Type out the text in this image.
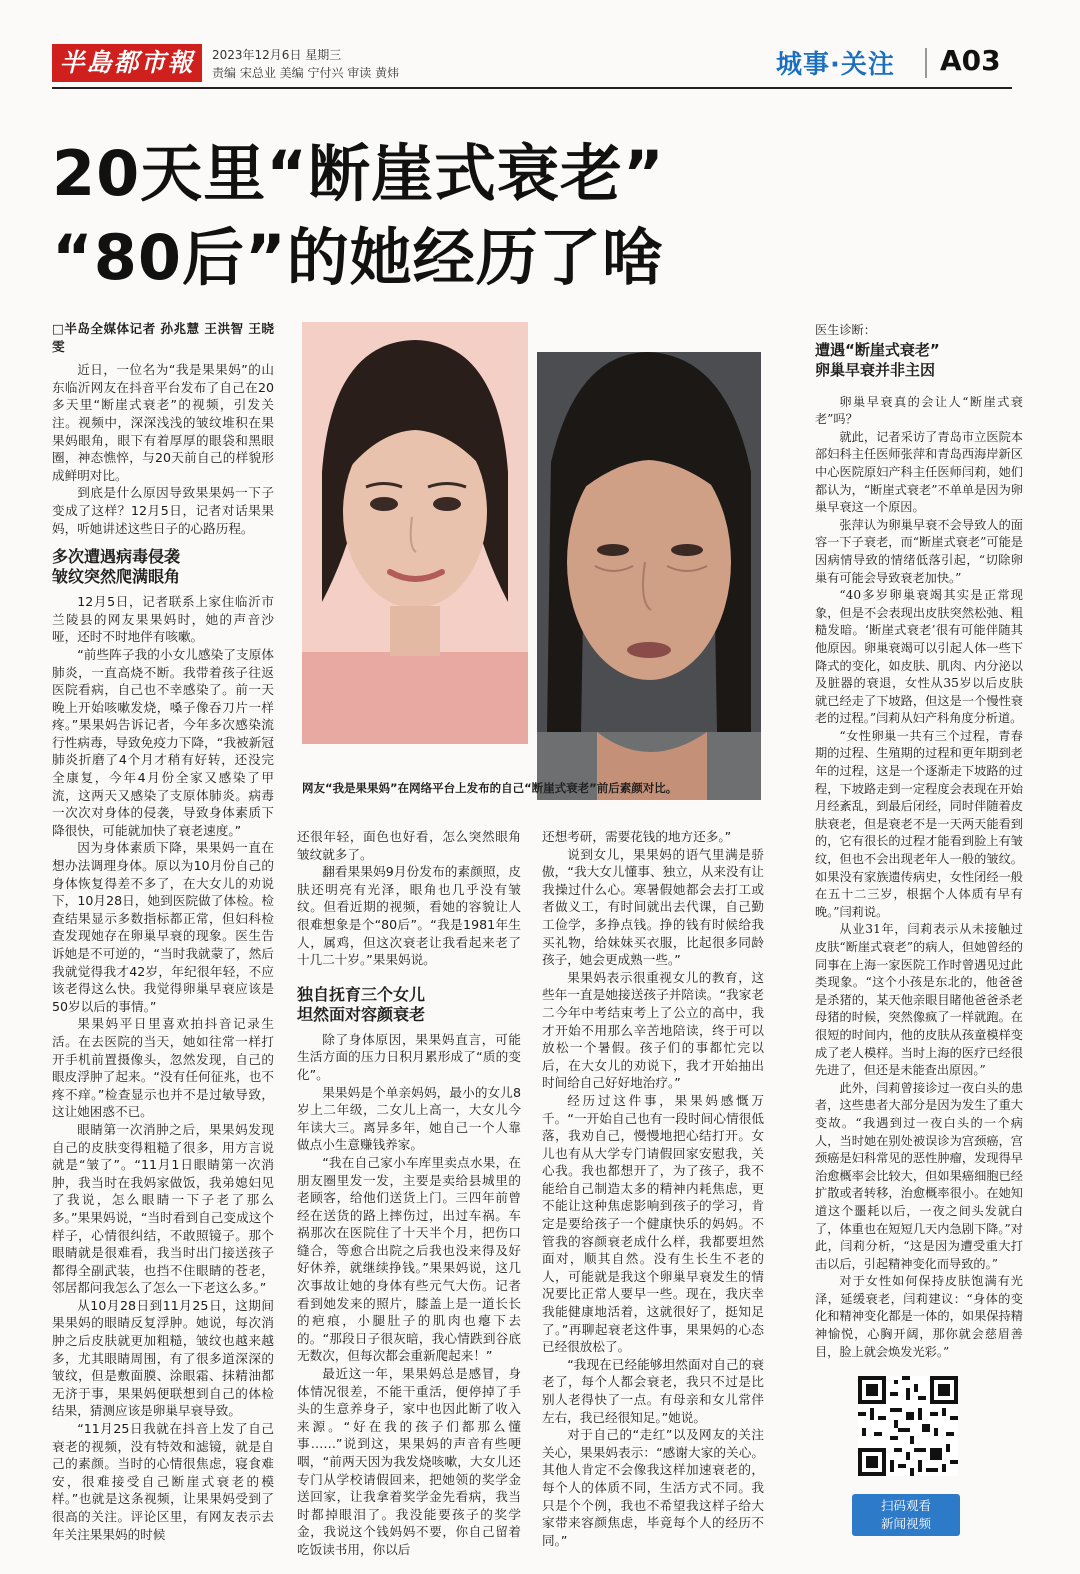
半島都市報	2023年12月6日 星期三
责编 宋总业 美编 宁付兴 审读 黄炜	城事·关注 A03
20天里“断崖式衰老”
“80后”的她经历了啥

□半岛全媒体记者 孙兆慧 王洪智 王晓雯

近日，一位名为“我是果果妈”的山东临沂网友在抖音平台发布了自己在20多天里“断崖式衰老”的视频，引发关注。视频中，深深浅浅的皱纹堆积在果果妈眼角，眼下有着厚厚的眼袋和黑眼圈，神态憔悴，与20天前自己的样貌形成鲜明对比。

到底是什么原因导致果果妈一下子变成了这样？12月5日，记者对话果果妈，听她讲述这些日子的心路历程。

多次遭遇病毒侵袭
皱纹突然爬满眼角

12月5日，记者联系上家住临沂市兰陵县的网友果果妈时，她的声音沙哑，还时不时地伴有咳嗽。

“前些阵子我的小女儿感染了支原体肺炎，一直高烧不断。我带着孩子往返医院看病，自己也不幸感染了。前一天晚上开始咳嗽发烧，嗓子像吞刀片一样疼。”果果妈告诉记者，今年多次感染流行性病毒，导致免疫力下降，“我被新冠肺炎折磨了4个月才稍有好转，还没完全康复，今年4月份全家又感染了甲流，这两天又感染了支原体肺炎。病毒一次次对身体的侵袭，导致身体素质下降很快，可能就加快了衰老速度。”

因为身体素质下降，果果妈一直在想办法调理身体。原以为10月份自己的身体恢复得差不多了，在大女儿的劝说下，10月28日，她到医院做了体检。检查结果显示多数指标都正常，但妇科检查发现她存在卵巢早衰的现象。医生告诉她是不可逆的，“当时我就蒙了，然后我就觉得我才42岁，年纪很年轻，不应该老得这么快。我觉得卵巢早衰应该是50岁以后的事情。”

果果妈平日里喜欢拍抖音记录生活。在去医院的当天，她如往常一样打开手机前置摄像头，忽然发现，自己的眼皮浮肿了起来。“没有任何征兆，也不疼不痒。”检查显示也并不是过敏导致，这让她困惑不已。

眼睛第一次消肿之后，果果妈发现自己的皮肤变得粗糙了很多，用方言说就是“皱了”。“11月1日眼睛第一次消肿，我当时在我妈家做饭，我弟媳妇见了我说，怎么眼睛一下子老了那么多。”果果妈说，“当时看到自己变成这个样子，心情很纠结，不敢照镜子。那个眼睛就是很难看，我当时出门接送孩子都得全副武装，也挡不住眼睛的苍老，邻居都问我怎么了怎么一下老这么多。”

从10月28日到11月25日，这期间果果妈的眼睛反复浮肿。她说，每次消肿之后皮肤就更加粗糙，皱纹也越来越多，尤其眼睛周围，有了很多道深深的皱纹，但是敷面膜、涂眼霜、抹精油都无济于事，果果妈便联想到自己的体检结果，猜测应该是卵巢早衰导致。

“11月25日我就在抖音上发了自己衰老的视频，没有特效和滤镜，就是自己的素颜。当时的心情很焦虑，寝食难安，很难接受自己断崖式衰老的模样。”也就是这条视频，让果果妈受到了很高的关注。评论区里，有网友表示去年关注果果妈的时候

网友“我是果果妈”在网络平台上发布的自己“断崖式衰老”前后素颜对比。

还很年轻，面色也好看，怎么突然眼角皱纹就多了。

翻看果果妈9月份发布的素颜照，皮肤还明亮有光泽，眼角也几乎没有皱纹。但看近期的视频，看她的容貌让人很难想象是个“80后”。“我是1981年生人，属鸡，但这次衰老让我看起来老了十几二十岁。”果果妈说。

独自抚育三个女儿
坦然面对容颜衰老

除了身体原因，果果妈直言，可能生活方面的压力日积月累形成了“质的变化”。

果果妈是个单亲妈妈，最小的女儿8岁上二年级，二女儿上高一，大女儿今年读大三。离异多年，她自己一个人靠做点小生意赚钱养家。

“我在自己家小车库里卖点水果，在朋友圈里发一发，主要是卖给县城里的老顾客，给他们送货上门。三四年前曾经在送货的路上摔伤过，出过车祸。车祸那次在医院住了十天半个月，把伤口缝合，等愈合出院之后我也没来得及好好休养，就继续挣钱。”果果妈说，这几次事故让她的身体有些元气大伤。记者看到她发来的照片，膝盖上是一道长长的疤痕，小腿肚子的肌肉也瘪下去的。“那段日子很灰暗，我心情跌到谷底无数次，但每次都会重新爬起来！”

最近这一年，果果妈总是感冒，身体情况很差，不能干重活，便停掉了手头的生意养身子，家中也因此断了收入来源。“好在我的孩子们都那么懂事……”说到这，果果妈的声音有些哽咽，“前两天因为我发烧咳嗽，大女儿还专门从学校请假回来，把她领的奖学金送回家，让我拿着奖学金先看病，我当时都掉眼泪了。我没能要孩子的奖学金，我说这个钱妈妈不要，你自己留着吃饭读书用，你以后

还想考研，需要花钱的地方还多。”

说到女儿，果果妈的语气里满是骄傲，“我大女儿懂事、独立，从来没有让我操过什么心。寒暑假她都会去打工或者做义工，有时间就出去代课，自己勤工俭学，多挣点钱。挣的钱有时候给我买礼物，给妹妹买衣服，比起很多同龄孩子，她会更成熟一些。”

果果妈表示很重视女儿的教育，这些年一直是她接送孩子并陪读。“我家老二今年中考结束考上了公立的高中，我才开始不用那么辛苦地陪读，终于可以放松一个暑假。孩子们的事都忙完以后，在大女儿的劝说下，我才开始抽出时间给自己好好地治疗。”

经历过这件事，果果妈感慨万千。“一开始自己也有一段时间心情很低落，我劝自己，慢慢地把心结打开。女儿也有从大学专门请假回家安慰我，关心我。我也都想开了，为了孩子，我不能给自己制造太多的精神内耗焦虑，更不能让这种焦虑影响到孩子的学习，肯定是要给孩子一个健康快乐的妈妈。不管我的容颜衰老成什么样，我都要坦然面对，顺其自然。没有生长生不老的人，可能就是我这个卵巢早衰发生的情况要比正常人要早一些。现在，我庆幸我能健康地活着，这就很好了，挺知足了。”再聊起衰老这件事，果果妈的心态已经很放松了。

“我现在已经能够坦然面对自己的衰老了，每个人都会衰老，我只不过是比别人老得快了一点。有母亲和女儿常伴左右，我已经很知足。”她说。

对于自己的“走红”以及网友的关注关心，果果妈表示：“感谢大家的关心。其他人肯定不会像我这样加速衰老的，每个人的体质不同，生活方式不同。我只是个个例，我也不希望我这样子给大家带来容颜焦虑，毕竟每个人的经历不同。”

医生诊断：

遭遇“断崖式衰老”
卵巢早衰并非主因

卵巢早衰真的会让人“断崖式衰老”吗？

就此，记者采访了青岛市立医院本部妇科主任医师张萍和青岛西海岸新区中心医院原妇产科主任医师闫莉，她们都认为，“断崖式衰老”不单单是因为卵巢早衰这一个原因。

张萍认为卵巢早衰不会导致人的面容一下子衰老，而“断崖式衰老”可能是因病情导致的情绪低落引起，“切除卵巢有可能会导致衰老加快。”

“40多岁卵巢衰竭其实是正常现象，但是不会表现出皮肤突然松弛、粗糙发暗。‘断崖式衰老’很有可能伴随其他原因。卵巢衰竭可以引起人体一些下降式的变化，如皮肤、肌肉、内分泌以及脏器的衰退，女性从35岁以后皮肤就已经走了下坡路，但这是一个慢性衰老的过程。”闫莉从妇产科角度分析道。

“女性卵巢一共有三个过程，青春期的过程、生殖期的过程和更年期到老年的过程，这是一个逐渐走下坡路的过程，下坡路走到一定程度会表现在开始月经紊乱，到最后闭经，同时伴随着皮肤衰老，但是衰老不是一天两天能看到的，它有很长的过程才能看到脸上有皱纹，但也不会出现老年人一般的皱纹。如果没有家族遗传病史，女性闭经一般在五十二三岁，根据个人体质有早有晚。”闫莉说。

从业31年，闫莉表示从未接触过皮肤“断崖式衰老”的病人，但她曾经的同事在上海一家医院工作时曾遇见过此类现象。“这个小孩是东北的，他爸爸是杀猪的，某天他亲眼目睹他爸爸杀老母猪的时候，突然像疯了一样就跑。在很短的时间内，他的皮肤从孩童模样变成了老人模样。当时上海的医疗已经很先进了，但还是未能查出原因。”

此外，闫莉曾接诊过一夜白头的患者，这些患者大部分是因为发生了重大变故。“我遇到过一夜白头的一个病人，当时她在别处被误诊为宫颈癌，宫颈癌是妇科常见的恶性肿瘤，发现得早治愈概率会比较大，但如果癌细胞已经扩散或者转移，治愈概率很小。在她知道这个噩耗以后，一夜之间头发就白了，体重也在短短几天内急剧下降。”对此，闫莉分析，“这是因为遭受重大打击以后，引起精神变化而导致的。”

对于女性如何保持皮肤饱满有光泽，延缓衰老，闫莉建议：“身体的变化和精神变化都是一体的，如果保持精神愉悦，心胸开阔，那你就会慈眉善目，脸上就会焕发光彩。”

扫码观看
新闻视频
